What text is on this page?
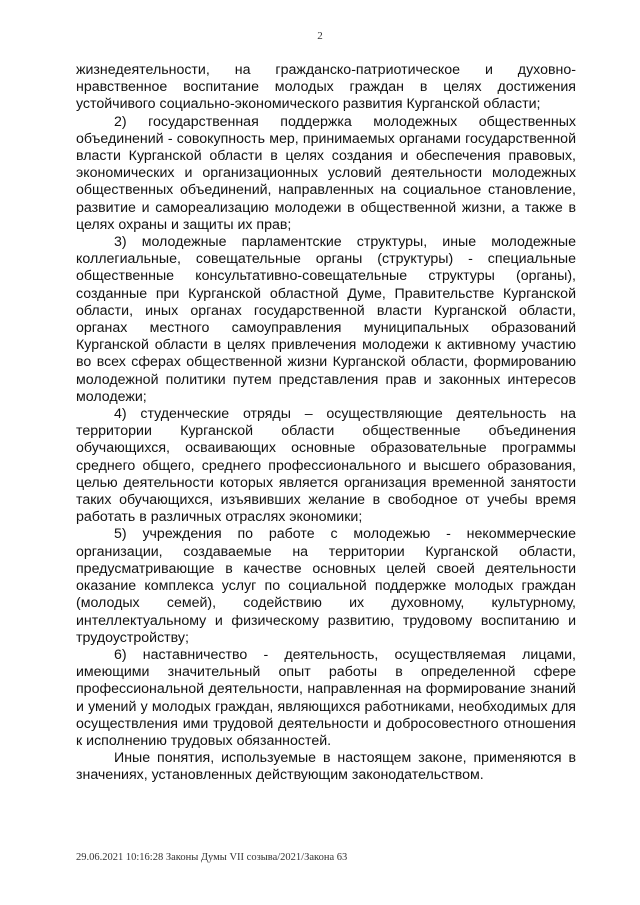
2

жизнедеятельности, на гражданско-патриотическое и духовно-нравственное воспитание молодых граждан в целях достижения устойчивого социально-экономического развития Курганской области;

2) государственная поддержка молодежных общественных объединений - совокупность мер, принимаемых органами государственной власти Курганской области в целях создания и обеспечения правовых, экономических и организационных условий деятельности молодежных общественных объединений, направленных на социальное становление, развитие и самореализацию молодежи в общественной жизни, а также в целях охраны и защиты их прав;

3) молодежные парламентские структуры, иные молодежные коллегиальные, совещательные органы (структуры) - специальные общественные консультативно-совещательные структуры (органы), созданные при Курганской областной Думе, Правительстве Курганской области, иных органах государственной власти Курганской области, органах местного самоуправления муниципальных образований Курганской области в целях привлечения молодежи к активному участию во всех сферах общественной жизни Курганской области, формированию молодежной политики путем представления прав и законных интересов молодежи;

4) студенческие отряды – осуществляющие деятельность на территории Курганской области общественные объединения обучающихся, осваивающих основные образовательные программы среднего общего, среднего профессионального и высшего образования, целью деятельности которых является организация временной занятости таких обучающихся, изъявивших желание в свободное от учебы время работать в различных отраслях экономики;

5) учреждения по работе с молодежью - некоммерческие организации, создаваемые на территории Курганской области, предусматривающие в качестве основных целей своей деятельности оказание комплекса услуг по социальной поддержке молодых граждан (молодых семей), содействию их духовному, культурному, интеллектуальному и физическому развитию, трудовому воспитанию и трудоустройству;

6) наставничество - деятельность, осуществляемая лицами, имеющими значительный опыт работы в определенной сфере профессиональной деятельности, направленная на формирование знаний и умений у молодых граждан, являющихся работниками, необходимых для осуществления ими трудовой деятельности и добросовестного отношения к исполнению трудовых обязанностей.

Иные понятия, используемые в настоящем законе, применяются в значениях, установленных действующим законодательством.

29.06.2021 10:16:28 Законы Думы VII созыва/2021/Закона 63
